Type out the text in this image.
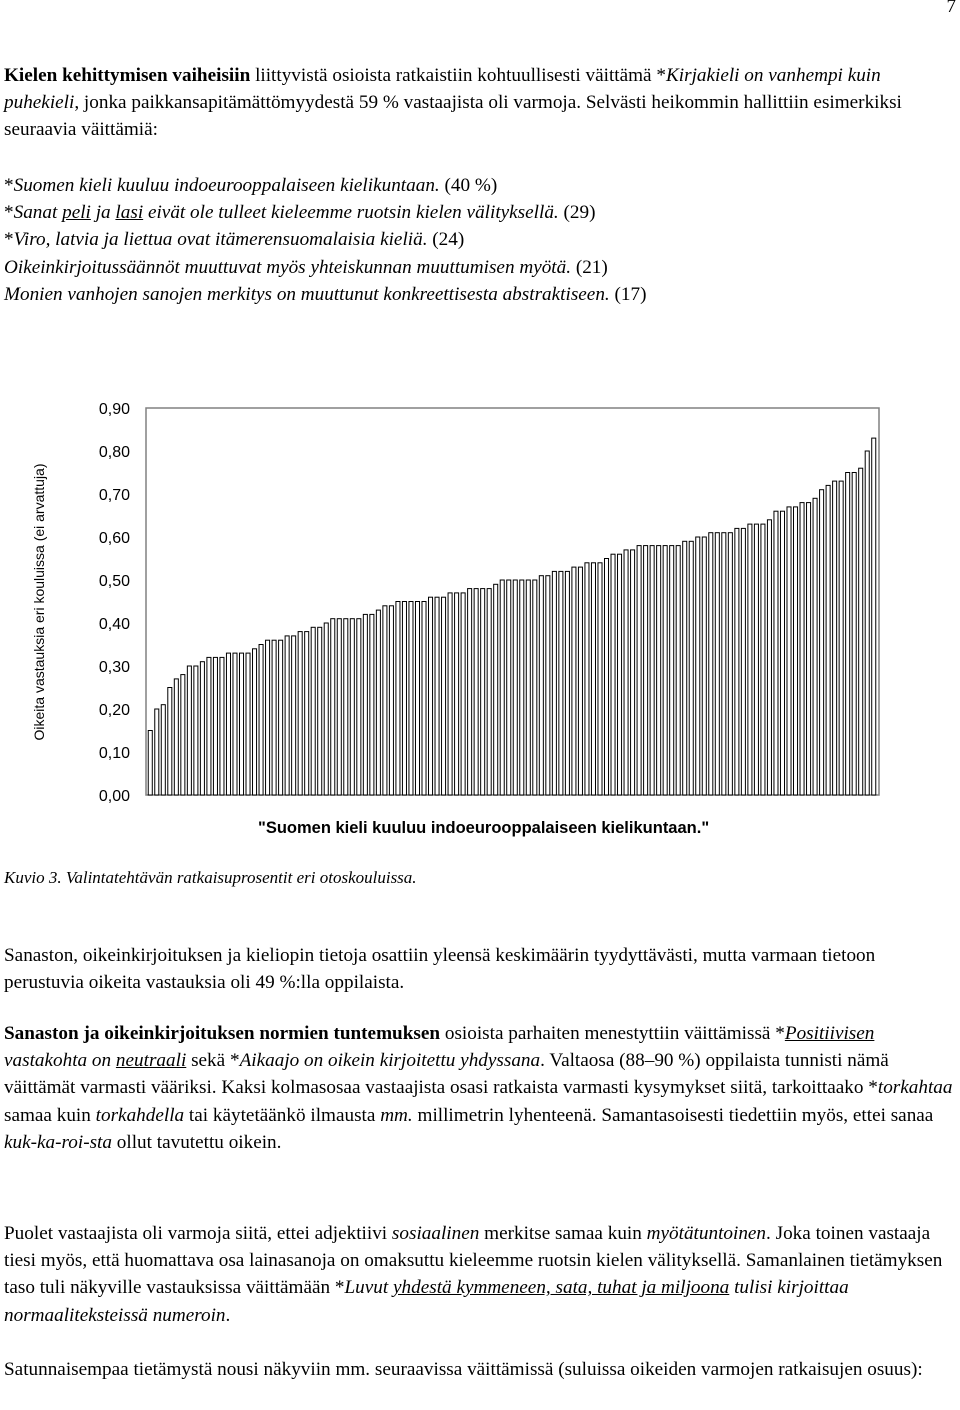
7
Kielen kehittymisen vaiheisiin liittyvistä osioista ratkaistiin kohtuullisesti väittämä *Kirjakieli on vanhempi kuin puhekieli, jonka paikkansapitämättömyydestä 59 % vastaajista oli varmoja. Selvästi heikommin hallittiin esimerkiksi seuraavia väittämiä:
*Suomen kieli kuuluu indoeurooppalaiseen kielikuntaan. (40 %)
*Sanat peli ja lasi eivät ole tulleet kieleemme ruotsin kielen välityksellä. (29)
*Viro, latvia ja liettua ovat itämerensuomalaisia kieliä. (24)
Oikeinkirjoitussäännöt muuttuvat myös yhteiskunnan muuttumisen myötä. (21)
Monien vanhojen sanojen merkitys on muuttunut konkreettisesta abstraktiseen. (17)
0,00
0,10
0,20
0,30
0,40
0,50
0,60
0,70
0,80
0,90
Oikeita vastauksia eri kouluissa (ei arvattuja)
"Suomen kieli kuuluu indoeurooppalaiseen kielikuntaan."
Kuvio 3. Valintatehtävän ratkaisuprosentit eri otoskouluissa.
Sanaston, oikeinkirjoituksen ja kieliopin tietoja osattiin yleensä keskimäärin tyydyttävästi, mutta varmaan tietoon perustuvia oikeita vastauksia oli 49 %:lla oppilaista.
Sanaston ja oikeinkirjoituksen normien tuntemuksen osioista parhaiten menestyttiin väittämissä *Positiivisen vastakohta on neutraali sekä *Aikaajo on oikein kirjoitettu yhdyssana. Valtaosa (88–90 %) oppilaista tunnisti nämä väittämät varmasti vääriksi. Kaksi kolmasosaa vastaajista osasi ratkaista varmasti kysymykset siitä, tarkoittaako *torkahtaa samaa kuin torkahdella tai käytetäänkö ilmausta mm. millimetrin lyhenteenä. Samantasoisesti tiedettiin myös, ettei sanaa kuk-ka-roi-sta ollut tavutettu oikein.
Puolet vastaajista oli varmoja siitä, ettei adjektiivi sosiaalinen merkitse samaa kuin myötätuntoinen. Joka toinen vastaaja tiesi myös, että huomattava osa lainasanoja on omaksuttu kieleemme ruotsin kielen välityksellä. Samanlainen tietämyksen taso tuli näkyville vastauksissa väittämään *Luvut yhdestä kymmeneen, sata, tuhat ja miljoona tulisi kirjoittaa normaaliteksteissä numeroin.
Satunnaisempaa tietämystä nousi näkyviin mm. seuraavissa väittämissä (suluissa oikeiden varmojen ratkaisujen osuus):
